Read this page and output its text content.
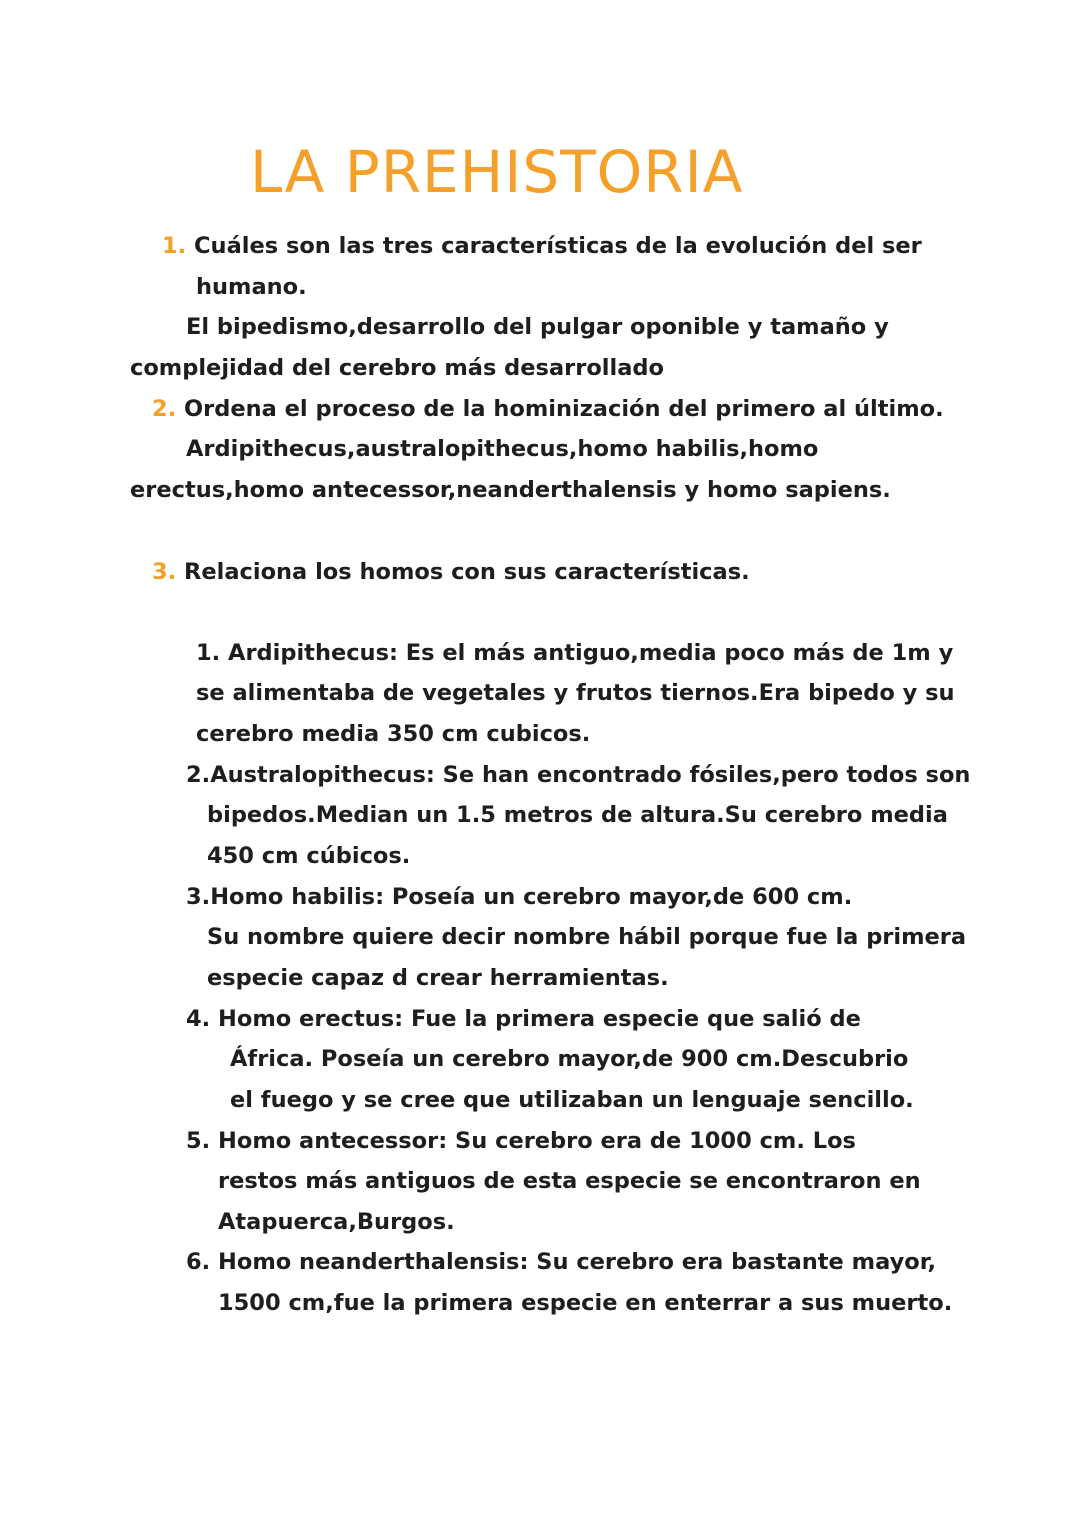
LA PREHISTORIA
1. Cuáles son las tres características de la evolución del ser
humano.
El bipedismo,desarrollo del pulgar oponible y tamaño y
complejidad del cerebro más desarrollado
2. Ordena el proceso de la hominización del primero al último.
Ardipithecus,australopithecus,homo habilis,homo
erectus,homo antecessor,neanderthalensis y homo sapiens.
3. Relaciona los homos con sus características.
1. Ardipithecus: Es el más antiguo,media poco más de 1m y
se alimentaba de vegetales y frutos tiernos.Era bipedo y su
cerebro media 350 cm cubicos.
2.Australopithecus: Se han encontrado fósiles,pero todos son
bipedos.Median un 1.5 metros de altura.Su cerebro media
450 cm cúbicos.
3.Homo habilis: Poseía un cerebro mayor,de 600 cm.
Su nombre quiere decir nombre hábil porque fue la primera
especie capaz d crear herramientas.
4. Homo erectus: Fue la primera especie que salió de
África. Poseía un cerebro mayor,de 900 cm.Descubrio
el fuego y se cree que utilizaban un lenguaje sencillo.
5. Homo antecessor: Su cerebro era de 1000 cm. Los
restos más antiguos de esta especie se encontraron en
Atapuerca,Burgos.
6. Homo neanderthalensis: Su cerebro era bastante mayor,
1500 cm,fue la primera especie en enterrar a sus muerto.
